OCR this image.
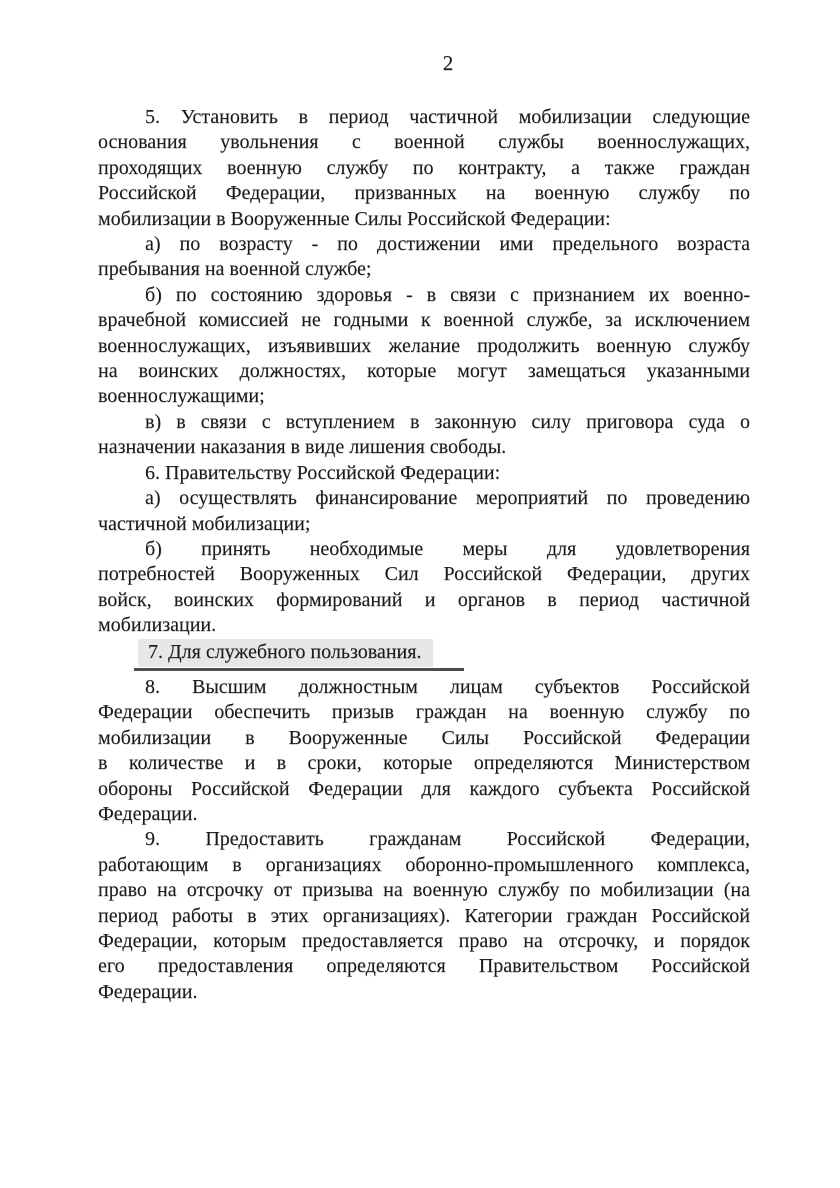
2
5. Установить в период частичной мобилизации следующие
основания увольнения с военной службы военнослужащих,
проходящих военную службу по контракту, а также граждан
Российской Федерации, призванных на военную службу по
мобилизации в Вооруженные Силы Российской Федерации:
а) по возрасту - по достижении ими предельного возраста
пребывания на военной службе;
б) по состоянию здоровья - в связи с признанием их военно-
врачебной комиссией не годными к военной службе, за исключением
военнослужащих, изъявивших желание продолжить военную службу
на воинских должностях, которые могут замещаться указанными
военнослужащими;
в) в связи с вступлением в законную силу приговора суда о
назначении наказания в виде лишения свободы.
6. Правительству Российской Федерации:
а) осуществлять финансирование мероприятий по проведению
частичной мобилизации;
б) принять необходимые меры для удовлетворения
потребностей Вооруженных Сил Российской Федерации, других
войск, воинских формирований и органов в период частичной
мобилизации.
7. Для служебного пользования.
8. Высшим должностным лицам субъектов Российской
Федерации обеспечить призыв граждан на военную службу по
мобилизации в Вооруженные Силы Российской Федерации
в количестве и в сроки, которые определяются Министерством
обороны Российской Федерации для каждого субъекта Российской
Федерации.
9. Предоставить гражданам Российской Федерации,
работающим в организациях оборонно-промышленного комплекса,
право на отсрочку от призыва на военную службу по мобилизации (на
период работы в этих организациях). Категории граждан Российской
Федерации, которым предоставляется право на отсрочку, и порядок
его предоставления определяются Правительством Российской
Федерации.
